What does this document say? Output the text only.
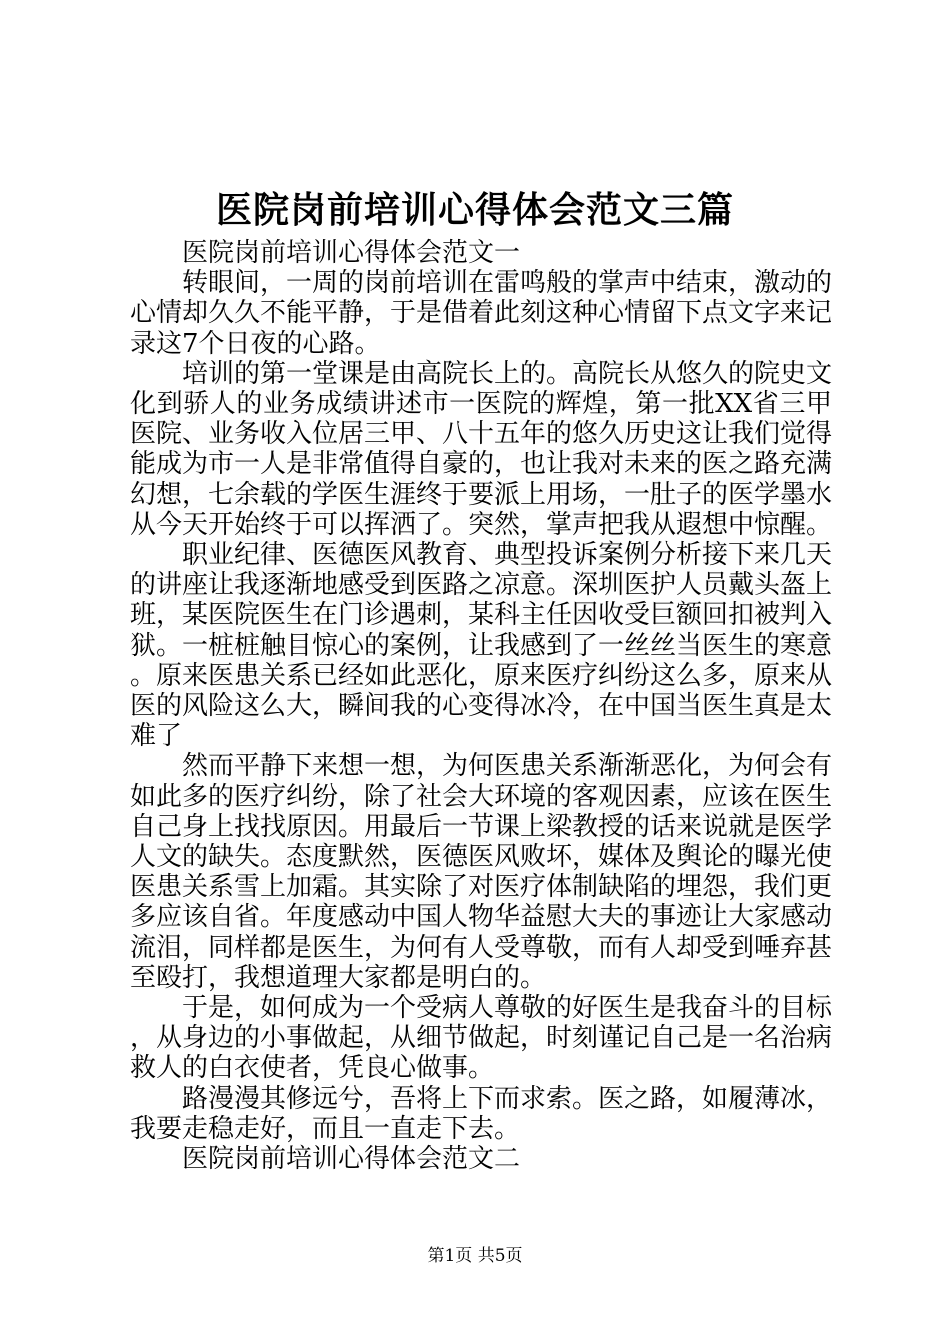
医院岗前培训心得体会范文三篇

医院岗前培训心得体会范文一

转眼间，一周的岗前培训在雷鸣般的掌声中结束，激动的心情却久久不能平静，于是借着此刻这种心情留下点文字来记录这7个日夜的心路。

培训的第一堂课是由高院长上的。高院长从悠久的院史文化到骄人的业务成绩讲述市一医院的辉煌，第一批XX省三甲医院、业务收入位居三甲、八十五年的悠久历史这让我们觉得能成为市一人是非常值得自豪的，也让我对未来的医之路充满幻想，七余载的学医生涯终于要派上用场，一肚子的医学墨水从今天开始终于可以挥洒了。突然，掌声把我从遐想中惊醒。

职业纪律、医德医风教育、典型投诉案例分析接下来几天的讲座让我逐渐地感受到医路之凉意。深圳医护人员戴头盔上班，某医院医生在门诊遇刺，某科主任因收受巨额回扣被判入狱。一桩桩触目惊心的案例，让我感到了一丝丝当医生的寒意。原来医患关系已经如此恶化，原来医疗纠纷这么多，原来从医的风险这么大，瞬间我的心变得冰冷，在中国当医生真是太难了

然而平静下来想一想，为何医患关系渐渐恶化，为何会有如此多的医疗纠纷，除了社会大环境的客观因素，应该在医生自己身上找找原因。用最后一节课上梁教授的话来说就是医学人文的缺失。态度默然，医德医风败坏，媒体及舆论的曝光使医患关系雪上加霜。其实除了对医疗体制缺陷的埋怨，我们更多应该自省。年度感动中国人物华益慰大夫的事迹让大家感动流泪，同样都是医生，为何有人受尊敬，而有人却受到唾弃甚至殴打，我想道理大家都是明白的。

于是，如何成为一个受病人尊敬的好医生是我奋斗的目标，从身边的小事做起，从细节做起，时刻谨记自己是一名治病救人的白衣使者，凭良心做事。

路漫漫其修远兮，吾将上下而求索。医之路，如履薄冰，我要走稳走好，而且一直走下去。

医院岗前培训心得体会范文二

第1页 共5页
